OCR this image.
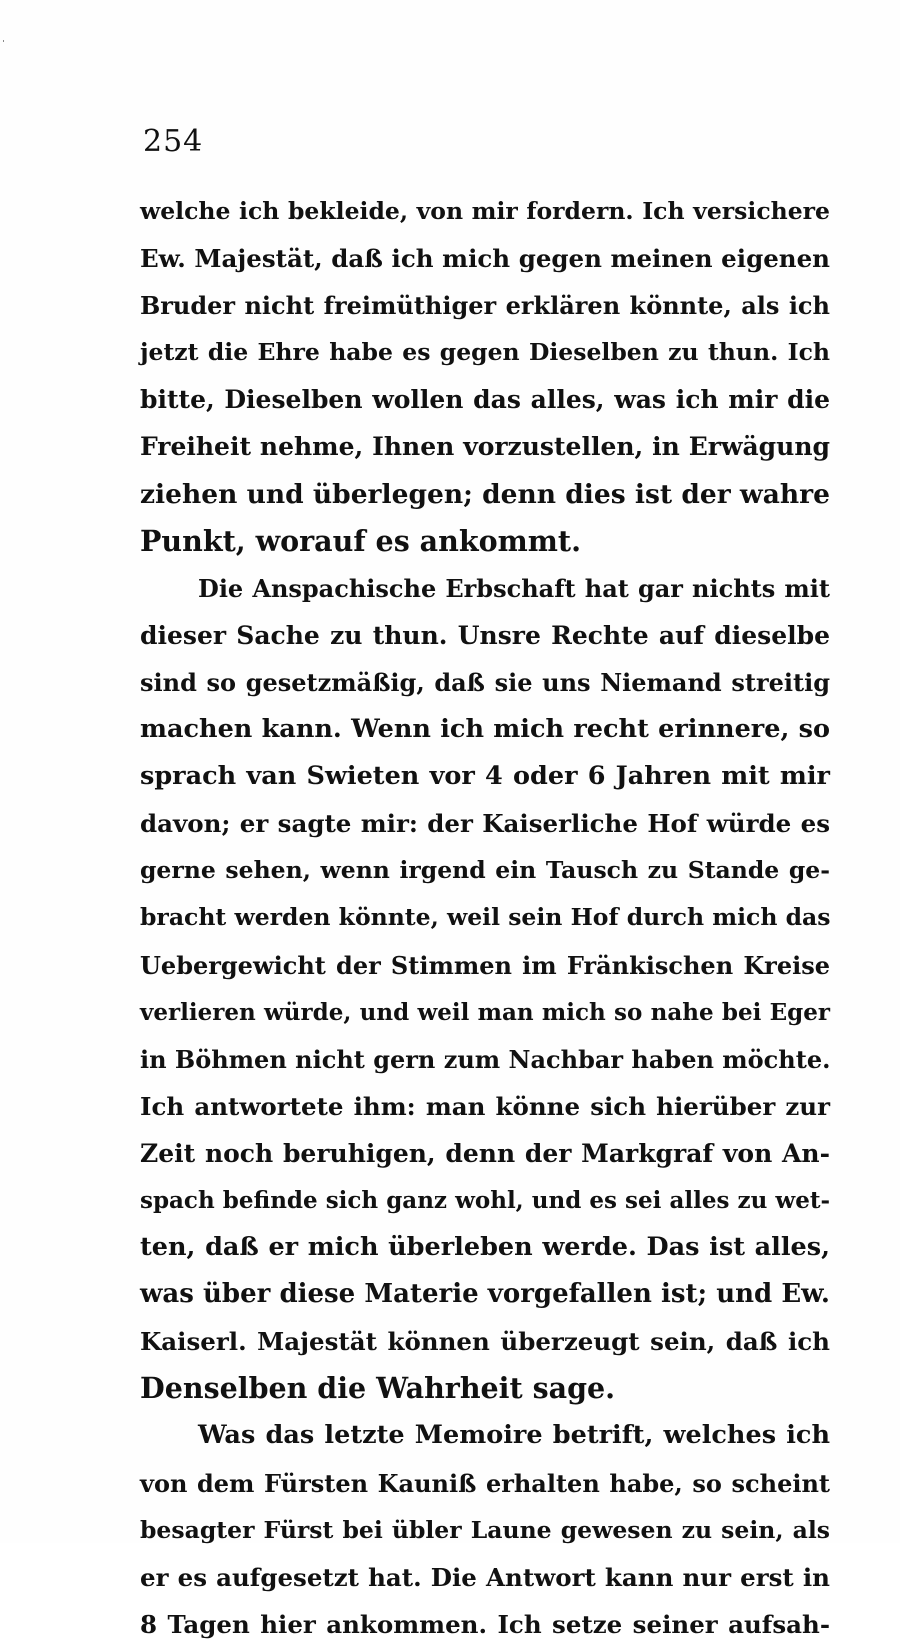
254
welche ich bekleide, von mir fordern. Ich versichere
Ew. Majestät, daß ich mich gegen meinen eigenen
Bruder nicht freimüthiger erklären könnte, als ich
jetzt die Ehre habe es gegen Dieselben zu thun. Ich
bitte, Dieselben wollen das alles, was ich mir die
Freiheit nehme, Ihnen vorzustellen, in Erwägung
ziehen und überlegen; denn dies ist der wahre
Punkt, worauf es ankommt.
Die Anspachische Erbschaft hat gar nichts mit
dieser Sache zu thun. Unsre Rechte auf dieselbe
sind so gesetzmäßig, daß sie uns Niemand streitig
machen kann. Wenn ich mich recht erinnere, so
sprach van Swieten vor 4 oder 6 Jahren mit mir
davon; er sagte mir: der Kaiserliche Hof würde es
gerne sehen, wenn irgend ein Tausch zu Stande ge-
bracht werden könnte, weil sein Hof durch mich das
Uebergewicht der Stimmen im Fränkischen Kreise
verlieren würde, und weil man mich so nahe bei Eger
in Böhmen nicht gern zum Nachbar haben möchte.
Ich antwortete ihm: man könne sich hierüber zur
Zeit noch beruhigen, denn der Markgraf von An-
spach befinde sich ganz wohl, und es sei alles zu wet-
ten, daß er mich überleben werde. Das ist alles,
was über diese Materie vorgefallen ist; und Ew.
Kaiserl. Majestät können überzeugt sein, daß ich
Denselben die Wahrheit sage.
Was das letzte Memoire betrift, welches ich
von dem Fürsten Kauniß erhalten habe, so scheint
besagter Fürst bei übler Laune gewesen zu sein, als
er es aufgesetzt hat. Die Antwort kann nur erst in
8 Tagen hier ankommen. Ich setze seiner aufsah-
